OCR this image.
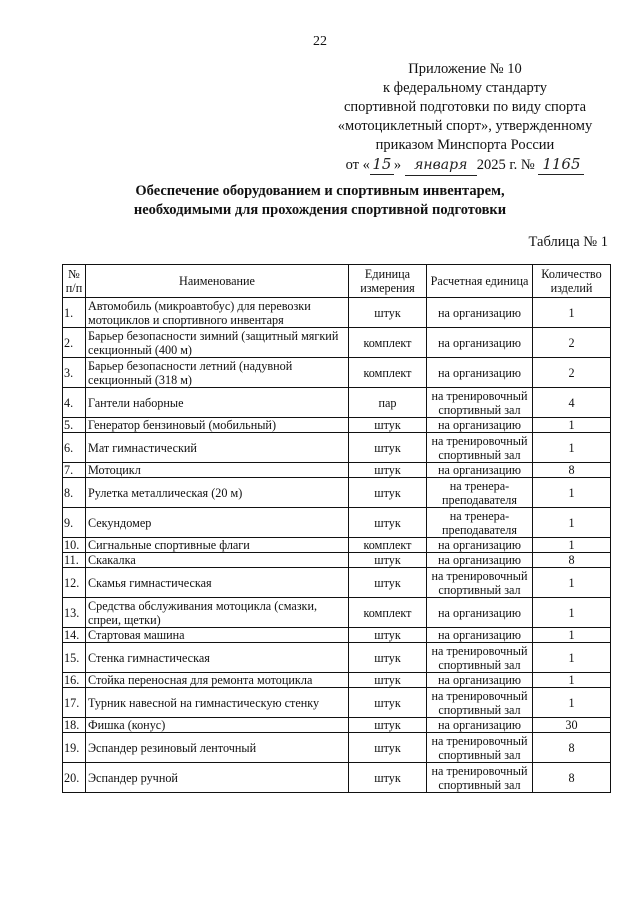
22
Приложение № 10
к федеральному стандарту
спортивной подготовки по виду спорта
«мотоциклетный спорт», утвержденному
приказом Минспорта России
от « 15 » января 2025 г. № 1165
Обеспечение оборудованием и спортивным инвентарем,
необходимыми для прохождения спортивной подготовки
Таблица № 1
№ п/п	Наименование	Единица измерения	Расчетная единица	Количество изделий
1.	Автомобиль (микроавтобус) для перевозки мотоциклов и спортивного инвентаря	штук	на организацию	1
2.	Барьер безопасности зимний (защитный мягкий секционный (400 м)	комплект	на организацию	2
3.	Барьер безопасности летний (надувной секционный (318 м)	комплект	на организацию	2
4.	Гантели наборные	пар	на тренировочный спортивный зал	4
5.	Генератор бензиновый (мобильный)	штук	на организацию	1
6.	Мат гимнастический	штук	на тренировочный спортивный зал	1
7.	Мотоцикл	штук	на организацию	8
8.	Рулетка металлическая (20 м)	штук	на тренера-преподавателя	1
9.	Секундомер	штук	на тренера-преподавателя	1
10.	Сигнальные спортивные флаги	комплект	на организацию	1
11.	Скакалка	штук	на организацию	8
12.	Скамья гимнастическая	штук	на тренировочный спортивный зал	1
13.	Средства обслуживания мотоцикла (смазки, спреи, щетки)	комплект	на организацию	1
14.	Стартовая машина	штук	на организацию	1
15.	Стенка гимнастическая	штук	на тренировочный спортивный зал	1
16.	Стойка переносная для ремонта мотоцикла	штук	на организацию	1
17.	Турник навесной на гимнастическую стенку	штук	на тренировочный спортивный зал	1
18.	Фишка (конус)	штук	на организацию	30
19.	Эспандер резиновый ленточный	штук	на тренировочный спортивный зал	8
20.	Эспандер ручной	штук	на тренировочный спортивный зал	8
